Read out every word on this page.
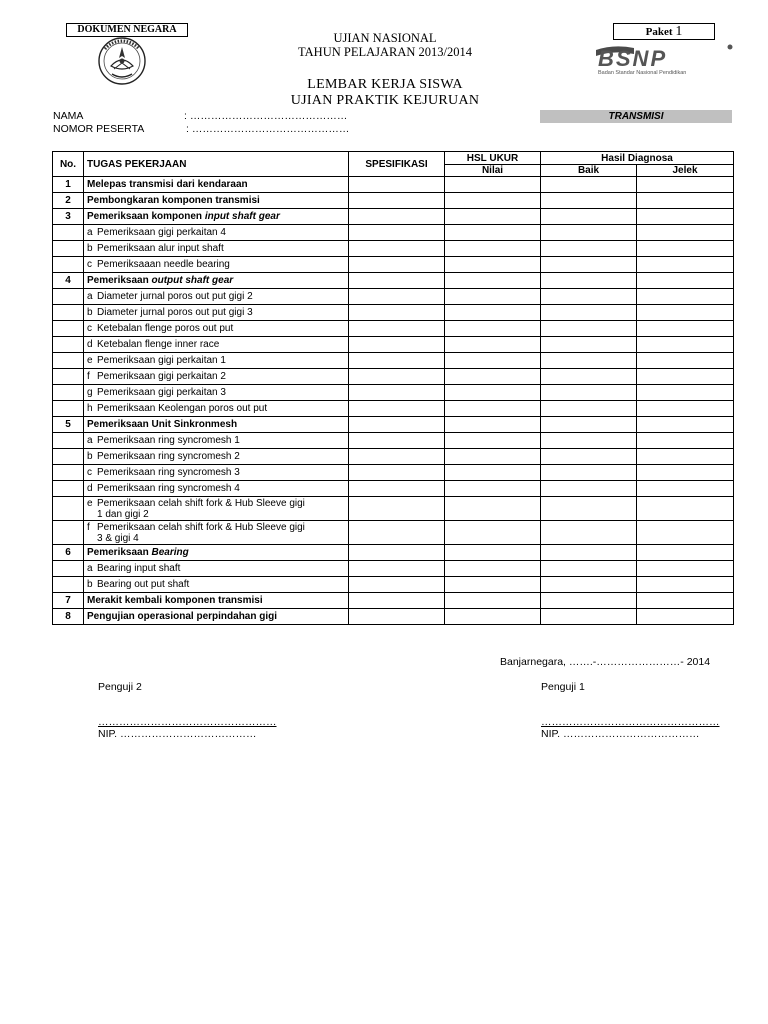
DOKUMEN NEGARA	Paket 1
BSNP
Badan Standar Nasional Pendidikan
UJIAN NASIONAL
TAHUN PELAJARAN 2013/2014
LEMBAR KERJA SISWA
UJIAN PRAKTIK KEJURUAN
NAMA	: ………………………………………
NOMOR PESERTA	: ………………………………………
TRANSMISI
No.	TUGAS PEKERJAAN	SPESIFIKASI	HSL UKUR	Hasil Diagnosa	
			Nilai	Baik	Jelek
1	Melepas transmisi dari kendaraan				
2	Pembongkaran komponen transmisi				
3	Pemeriksaan komponen input shaft gear				
	a Pemeriksaan gigi perkaitan 4				
	b Pemeriksaan alur input shaft				
	c Pemeriksaaan needle bearing				
4	Pemeriksaan output shaft gear				
	a Diameter jurnal poros out put gigi 2				
	b Diameter jurnal poros out put gigi 3				
	c Ketebalan flenge poros out put				
	d Ketebalan flenge inner race				
	e Pemeriksaan gigi perkaitan 1				
	f Pemeriksaan gigi perkaitan 2				
	g Pemeriksaan gigi perkaitan 3				
	h Pemeriksaan Keolengan poros out put				
5	Pemeriksaan Unit Sinkronmesh				
	a Pemeriksaan ring syncromesh 1				
	b Pemeriksaan ring syncromesh 2				
	c Pemeriksaan ring syncromesh 3				
	d Pemeriksaan ring syncromesh 4				
	e Pemeriksaan celah shift fork & Hub Sleeve gigi
1 dan gigi 2				

	f Pemeriksaan celah shift fork & Hub Sleeve gigi
3 & gigi 4				

6	Pemeriksaan Bearing				
	a Bearing input shaft				
	b Bearing out put shaft				
7	Merakit kembali komponen transmisi				
8	Pengujian operasional perpindahan gigi				
Banjarnegara, …….-……………………- 2014
Penguji 2	Penguji 1
……………………………………………	……………………………………………
NIP. …………………………………	NIP. …………………………………
